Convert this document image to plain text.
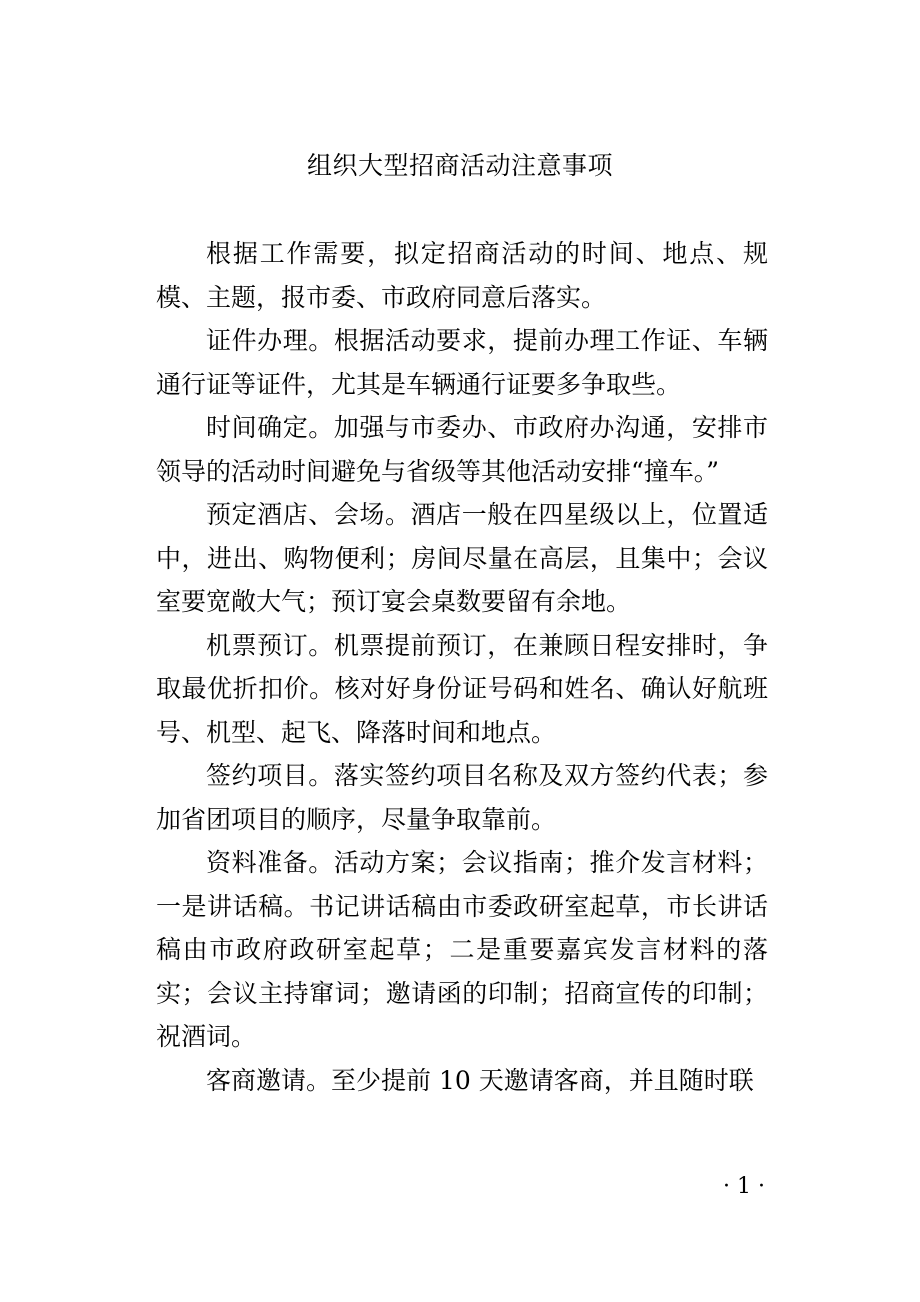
组织大型招商活动注意事项

根据工作需要，拟定招商活动的时间、地点、规模、主题，报市委、市政府同意后落实。

证件办理。根据活动要求，提前办理工作证、车辆通行证等证件，尤其是车辆通行证要多争取些。

时间确定。加强与市委办、市政府办沟通，安排市领导的活动时间避免与省级等其他活动安排“撞车。”

预定酒店、会场。酒店一般在四星级以上，位置适中，进出、购物便利；房间尽量在高层，且集中；会议室要宽敞大气；预订宴会桌数要留有余地。

机票预订。机票提前预订，在兼顾日程安排时，争取最优折扣价。核对好身份证号码和姓名、确认好航班号、机型、起飞、降落时间和地点。

签约项目。落实签约项目名称及双方签约代表；参加省团项目的顺序，尽量争取靠前。

资料准备。活动方案；会议指南；推介发言材料；一是讲话稿。书记讲话稿由市委政研室起草，市长讲话稿由市政府政研室起草；二是重要嘉宾发言材料的落实；会议主持窜词；邀请函的印制；招商宣传的印制；祝酒词。

客商邀请。至少提前 10 天邀请客商，并且随时联

· 1 ·
